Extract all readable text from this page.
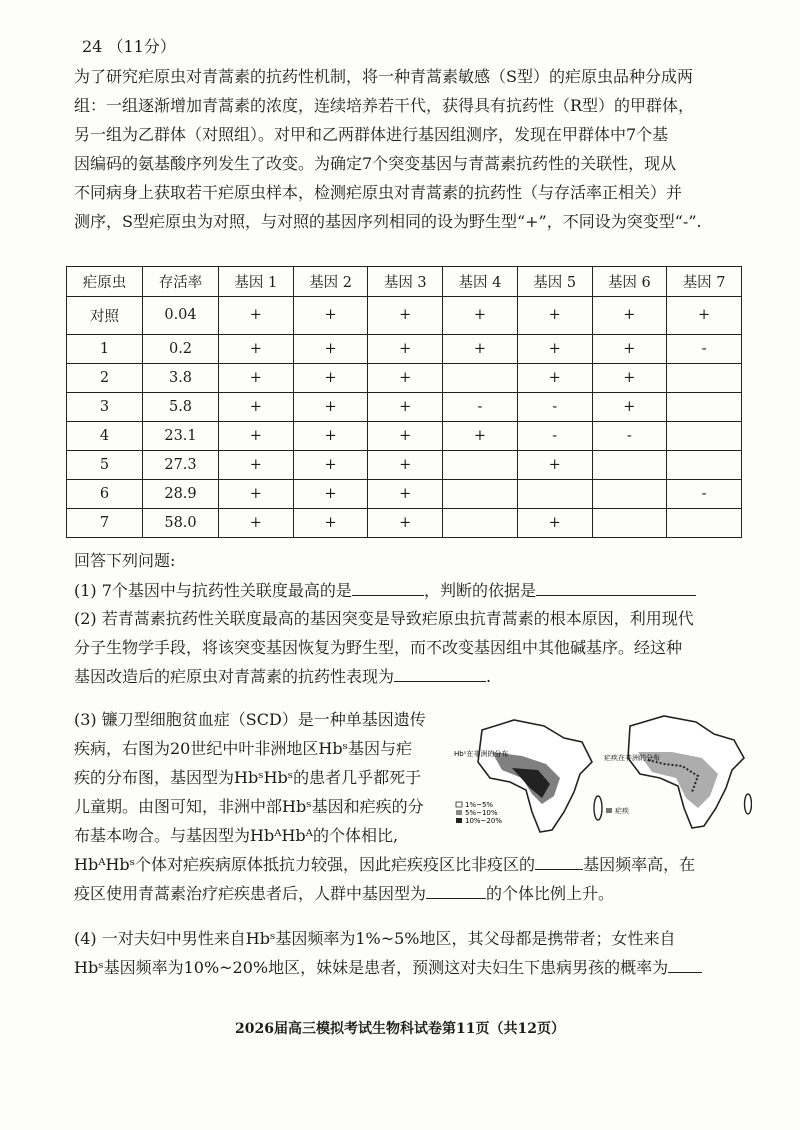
24 （11分）

为了研究疟原虫对青蒿素的抗药性机制，将一种青蒿素敏感（S型）的疟原虫品种分成两

组：一组逐渐增加青蒿素的浓度，连续培养若干代，获得具有抗药性（R型）的甲群体，

另一组为乙群体（对照组）。对甲和乙两群体进行基因组测序，发现在甲群体中7个基

因编码的氨基酸序列发生了改变。为确定7个突变基因与青蒿素抗药性的关联性，现从

不同病身上获取若干疟原虫样本，检测疟原虫对青蒿素的抗药性（与存活率正相关）并

测序，S型疟原虫为对照，与对照的基因序列相同的设为野生型“+”，不同设为突变型“-”.

疟原虫	存活率	基因 1	基因 2	基因 3	基因 4	基因 5	基因 6	基因 7
对照	0.04	+	+	+	+	+	+	+
1	0.2	+	+	+	+	+	+	-
2	3.8	+	+	+		+	+	
3	5.8	+	+	+	-	-	+	
4	23.1	+	+	+	+	-	-	
5	27.3	+	+	+		+		
6	28.9	+	+	+				-
7	58.0	+	+	+		+		
回答下列问题:
(1) 7个基因中与抗药性关联度最高的是	，判断的依据是

(2) 若青蒿素抗药性关联度最高的基因突变是导致疟原虫抗青蒿素的根本原因，利用现代

分子生物学手段，将该突变基因恢复为野生型，而不改变基因组中其他碱基序。经这种

基因改造后的疟原虫对青蒿素的抗药性表现为	.

(3) 镰刀型细胞贫血症（SCD）是一种单基因遗传

疾病，右图为20世纪中叶非洲地区Hbˢ基因与疟

疾的分布图，基因型为HbˢHbˢ的患者几乎都死于

儿童期。由图可知，非洲中部Hbˢ基因和疟疾的分

布基本吻合。与基因型为HbᴬHbᴬ的个体相比,

HbᴬHbˢ个体对疟疾病原体抵抗力较强，因此疟疾疫区比非疫区的	基因频率高，在

疫区使用青蒿素治疗疟疾患者后，人群中基因型为	的个体比例上升。

Hbˢ在非洲的分布
1%~5%
5%~10%
10%~20%
疟疾在非洲的分布
疟疾

(4) 一对夫妇中男性来自Hbˢ基因频率为1%~5%地区，其父母都是携带者；女性来自

Hbˢ基因频率为10%~20%地区，妹妹是患者，预测这对夫妇生下患病男孩的概率为

2026届高三模拟考试生物科试卷第11页（共12页）
